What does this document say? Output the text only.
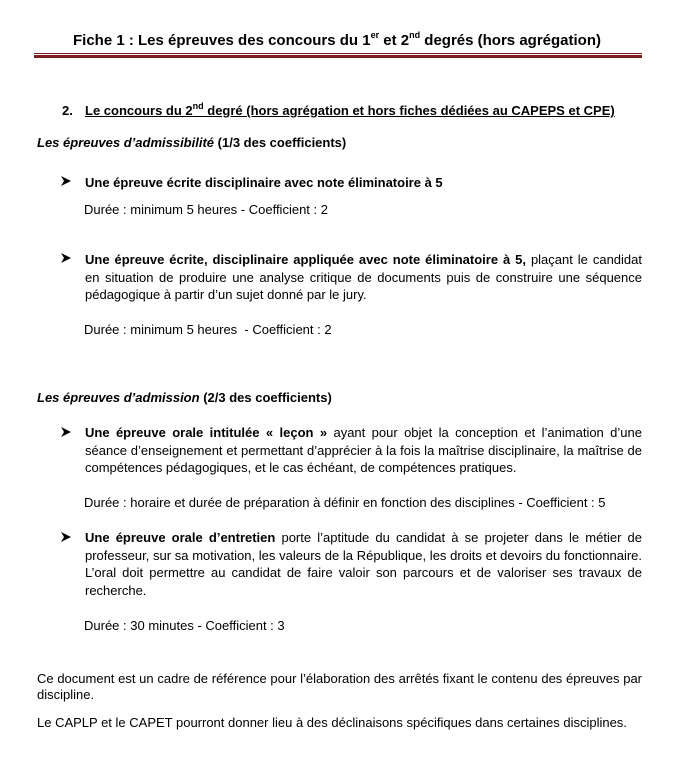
Fiche 1 : Les épreuves des concours du 1er et 2nd degrés (hors agrégation)
2. Le concours du 2nd degré (hors agrégation et hors fiches dédiées au CAPEPS et CPE)
Les épreuves d’admissibilité (1/3 des coefficients)
Une épreuve écrite disciplinaire avec note éliminatoire à 5
Durée : minimum 5 heures - Coefficient : 2
Une épreuve écrite, disciplinaire appliquée avec note éliminatoire à 5, plaçant le candidat en situation de produire une analyse critique de documents puis de construire une séquence pédagogique à partir d’un sujet donné par le jury.
Durée : minimum 5 heures  - Coefficient : 2
Les épreuves d’admission (2/3 des coefficients)
Une épreuve orale intitulée « leçon » ayant pour objet la conception et l’animation d’une séance d’enseignement et permettant d’apprécier à la fois la maîtrise disciplinaire, la maîtrise de compétences pédagogiques, et le cas échéant, de compétences pratiques.
Durée : horaire et durée de préparation à définir en fonction des disciplines - Coefficient : 5
Une épreuve orale d’entretien porte l’aptitude du candidat à se projeter dans le métier de professeur, sur sa motivation, les valeurs de la République, les droits et devoirs du fonctionnaire. L’oral doit permettre au candidat de faire valoir son parcours et de valoriser ses travaux de recherche.
Durée : 30 minutes - Coefficient : 3
Ce document est un cadre de référence pour l’élaboration des arrêtés fixant le contenu des épreuves par discipline.
Le CAPLP et le CAPET pourront donner lieu à des déclinaisons spécifiques dans certaines disciplines.
